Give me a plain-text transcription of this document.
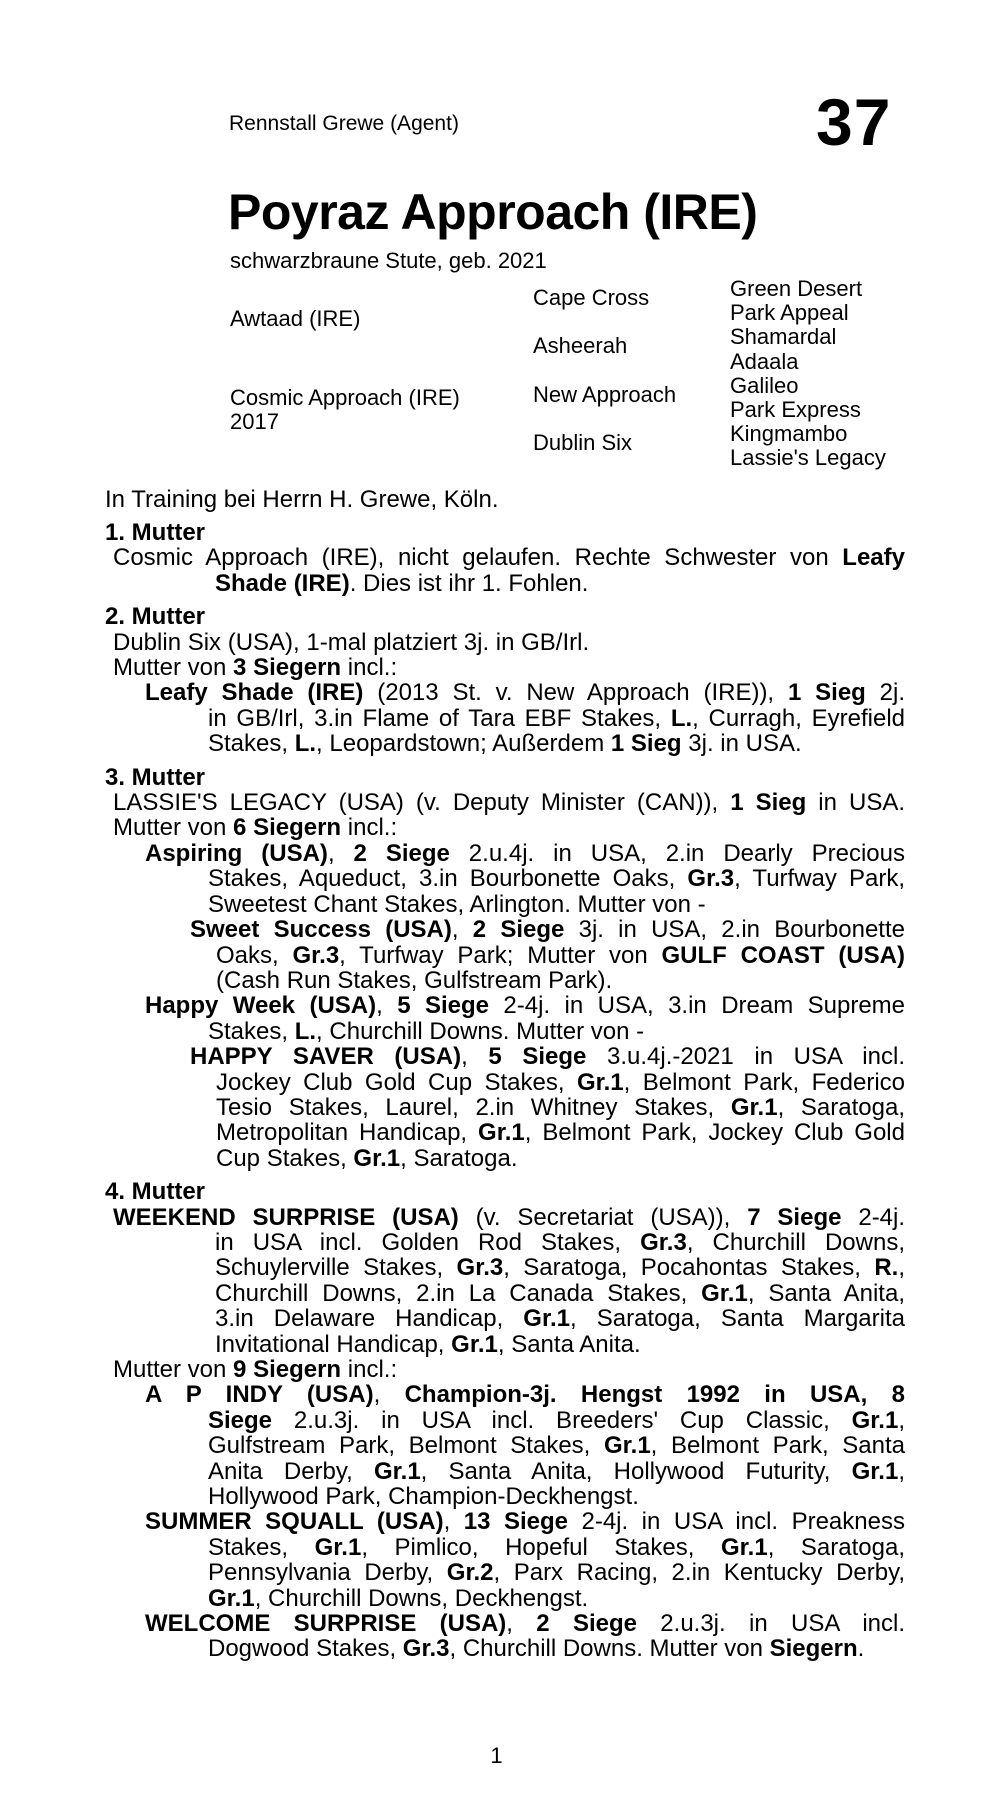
Rennstall Grewe (Agent)	37
Poyraz Approach (IRE)
schwarzbraune Stute, geb. 2021
Awtaad (IRE)
Cosmic Approach (IRE)
2017
Cape Cross
Asheerah
New Approach
Dublin Six
Green Desert
Park Appeal
Shamardal
Adaala
Galileo
Park Express
Kingmambo
Lassie's Legacy
In Training bei Herrn H. Grewe, Köln.
1. Mutter
Cosmic Approach (IRE), nicht gelaufen. Rechte Schwester von Leafy
Shade (IRE). Dies ist ihr 1. Fohlen.
2. Mutter
Dublin Six (USA), 1-mal platziert 3j. in GB/Irl.
Mutter von 3 Siegern incl.:
Leafy Shade (IRE) (2013 St. v. New Approach (IRE)), 1 Sieg 2j.
in GB/Irl, 3.in Flame of Tara EBF Stakes, L., Curragh, Eyrefield
Stakes, L., Leopardstown; Außerdem 1 Sieg 3j. in USA.
3. Mutter
LASSIE'S LEGACY (USA) (v. Deputy Minister (CAN)), 1 Sieg in USA.
Mutter von 6 Siegern incl.:
Aspiring (USA), 2 Siege 2.u.4j. in USA, 2.in Dearly Precious
Stakes, Aqueduct, 3.in Bourbonette Oaks, Gr.3, Turfway Park,
Sweetest Chant Stakes, Arlington. Mutter von -
Sweet Success (USA), 2 Siege 3j. in USA, 2.in Bourbonette
Oaks, Gr.3, Turfway Park; Mutter von GULF COAST (USA)
(Cash Run Stakes, Gulfstream Park).
Happy Week (USA), 5 Siege 2-4j. in USA, 3.in Dream Supreme
Stakes, L., Churchill Downs. Mutter von -
HAPPY SAVER (USA), 5 Siege 3.u.4j.-2021 in USA incl.
Jockey Club Gold Cup Stakes, Gr.1, Belmont Park, Federico
Tesio Stakes, Laurel, 2.in Whitney Stakes, Gr.1, Saratoga,
Metropolitan Handicap, Gr.1, Belmont Park, Jockey Club Gold
Cup Stakes, Gr.1, Saratoga.
4. Mutter
WEEKEND SURPRISE (USA) (v. Secretariat (USA)), 7 Siege 2-4j.
in USA incl. Golden Rod Stakes, Gr.3, Churchill Downs,
Schuylerville Stakes, Gr.3, Saratoga, Pocahontas Stakes, R.,
Churchill Downs, 2.in La Canada Stakes, Gr.1, Santa Anita,
3.in Delaware Handicap, Gr.1, Saratoga, Santa Margarita
Invitational Handicap, Gr.1, Santa Anita.
Mutter von 9 Siegern incl.:
A P INDY (USA), Champion-3j. Hengst 1992 in USA, 8
Siege 2.u.3j. in USA incl. Breeders' Cup Classic, Gr.1,
Gulfstream Park, Belmont Stakes, Gr.1, Belmont Park, Santa
Anita Derby, Gr.1, Santa Anita, Hollywood Futurity, Gr.1,
Hollywood Park, Champion-Deckhengst.
SUMMER SQUALL (USA), 13 Siege 2-4j. in USA incl. Preakness
Stakes, Gr.1, Pimlico, Hopeful Stakes, Gr.1, Saratoga,
Pennsylvania Derby, Gr.2, Parx Racing, 2.in Kentucky Derby,
Gr.1, Churchill Downs, Deckhengst.
WELCOME SURPRISE (USA), 2 Siege 2.u.3j. in USA incl.
Dogwood Stakes, Gr.3, Churchill Downs. Mutter von Siegern.
1
